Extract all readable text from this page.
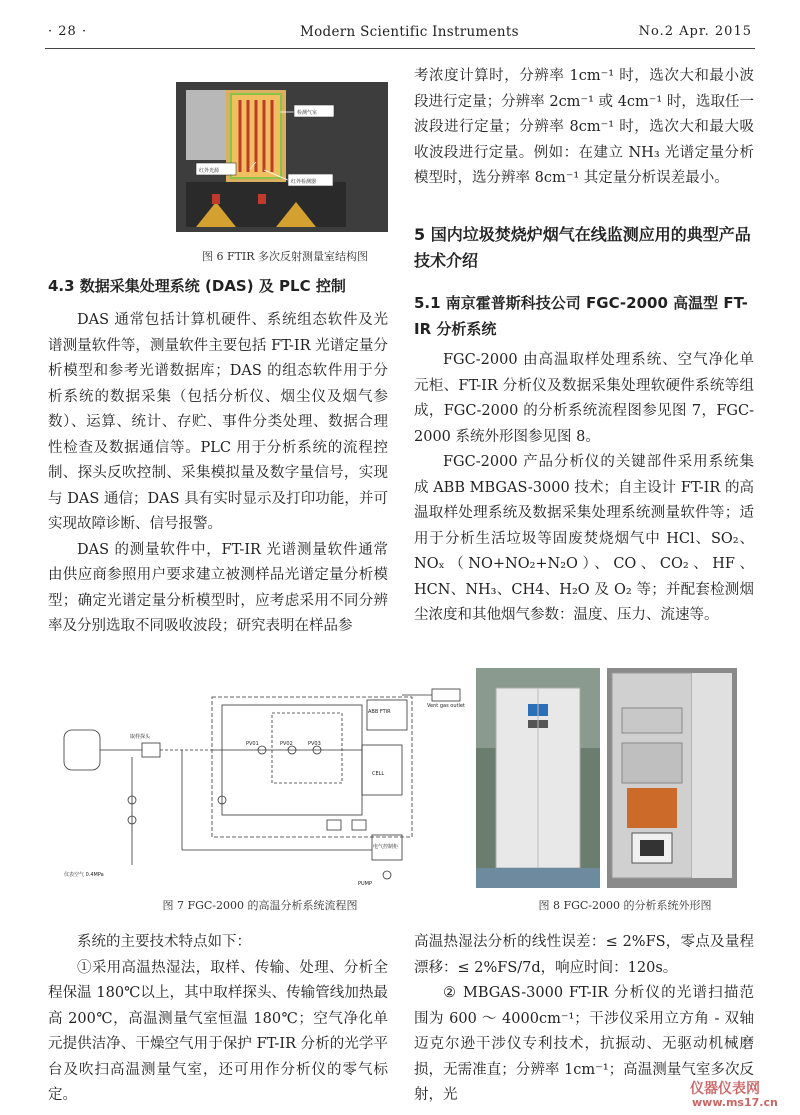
· 28 ·	Modern Scientific Instruments	No.2 Apr. 2015
检测气室
红外光源
红外检测器
图 6 FTIR 多次反射测量室结构图
4.3 数据采集处理系统 (DAS) 及 PLC 控制

DAS 通常包括计算机硬件、系统组态软件及光谱测量软件等，测量软件主要包括 FT-IR 光谱定量分析模型和参考光谱数据库；DAS 的组态软件用于分析系统的数据采集（包括分析仪、烟尘仪及烟气参数）、运算、统计、存贮、事件分类处理、数据合理性检查及数据通信等。PLC 用于分析系统的流程控制、探头反吹控制、采集模拟量及数字量信号，实现与 DAS 通信；DAS 具有实时显示及打印功能，并可实现故障诊断、信号报警。

DAS 的测量软件中，FT-IR 光谱测量软件通常由供应商参照用户要求建立被测样品光谱定量分析模型；确定光谱定量分析模型时，应考虑采用不同分辨率及分别选取不同吸收波段；研究表明在样品参

考浓度计算时，分辨率 1cm⁻¹ 时，选次大和最小波段进行定量；分辨率 2cm⁻¹ 或 4cm⁻¹ 时，选取任一波段进行定量；分辨率 8cm⁻¹ 时，选次大和最大吸收波段进行定量。例如：在建立 NH₃ 光谱定量分析模型时，选分辨率 8cm⁻¹ 其定量分析误差最小。

5 国内垃圾焚烧炉烟气在线监测应用的典型产品技术介绍
5.1 南京霍普斯科技公司 FGC-2000 高温型 FT-IR 分析系统

FGC-2000 由高温取样处理系统、空气净化单元柜、FT-IR 分析仪及数据采集处理软硬件系统等组成，FGC-2000 的分析系统流程图参见图 7，FGC-2000 系统外形图参见图 8。

FGC-2000 产品分析仪的关键部件采用系统集成 ABB MBGAS-3000 技术；自主设计 FT-IR 的高温取样处理系统及数据采集处理系统测量软件等；适用于分析生活垃圾等固废焚烧烟气中 HCl、SO₂、NOₓ（NO+NO₂+N₂O）、CO、CO₂、HF、HCN、NH₃、CH4、H₂O 及 O₂ 等；并配套检测烟尘浓度和其他烟气参数：温度、压力、流速等。

取样探头
PV01	PV02	PV03
ABB FTIR
CELL
PUMP
电气控制柜
Vent gas outlet
仪表空气 0.4MPa
图 7 FGC-2000 的高温分析系统流程图	图 8 FGC-2000 的分析系统外形图

系统的主要技术特点如下：

①采用高温热湿法，取样、传输、处理、分析全程保温 180℃以上，其中取样探头、传输管线加热最高 200℃，高温测量气室恒温 180℃；空气净化单元提供洁净、干燥空气用于保护 FT-IR 分析的光学平台及吹扫高温测量气室，还可用作分析仪的零气标定。

高温热湿法分析的线性误差：≤ 2%FS，零点及量程漂移：≤ 2%FS/7d，响应时间：120s。

② MBGAS-3000 FT-IR 分析仪的光谱扫描范围为 600 ～ 4000cm⁻¹；干涉仪采用立方角 - 双轴迈克尔逊干涉仪专利技术，抗振动、无驱动机械磨损，无需准直；分辨率 1cm⁻¹；高温测量气室多次反射，光	仪器仪表网
www.ms17.cn
